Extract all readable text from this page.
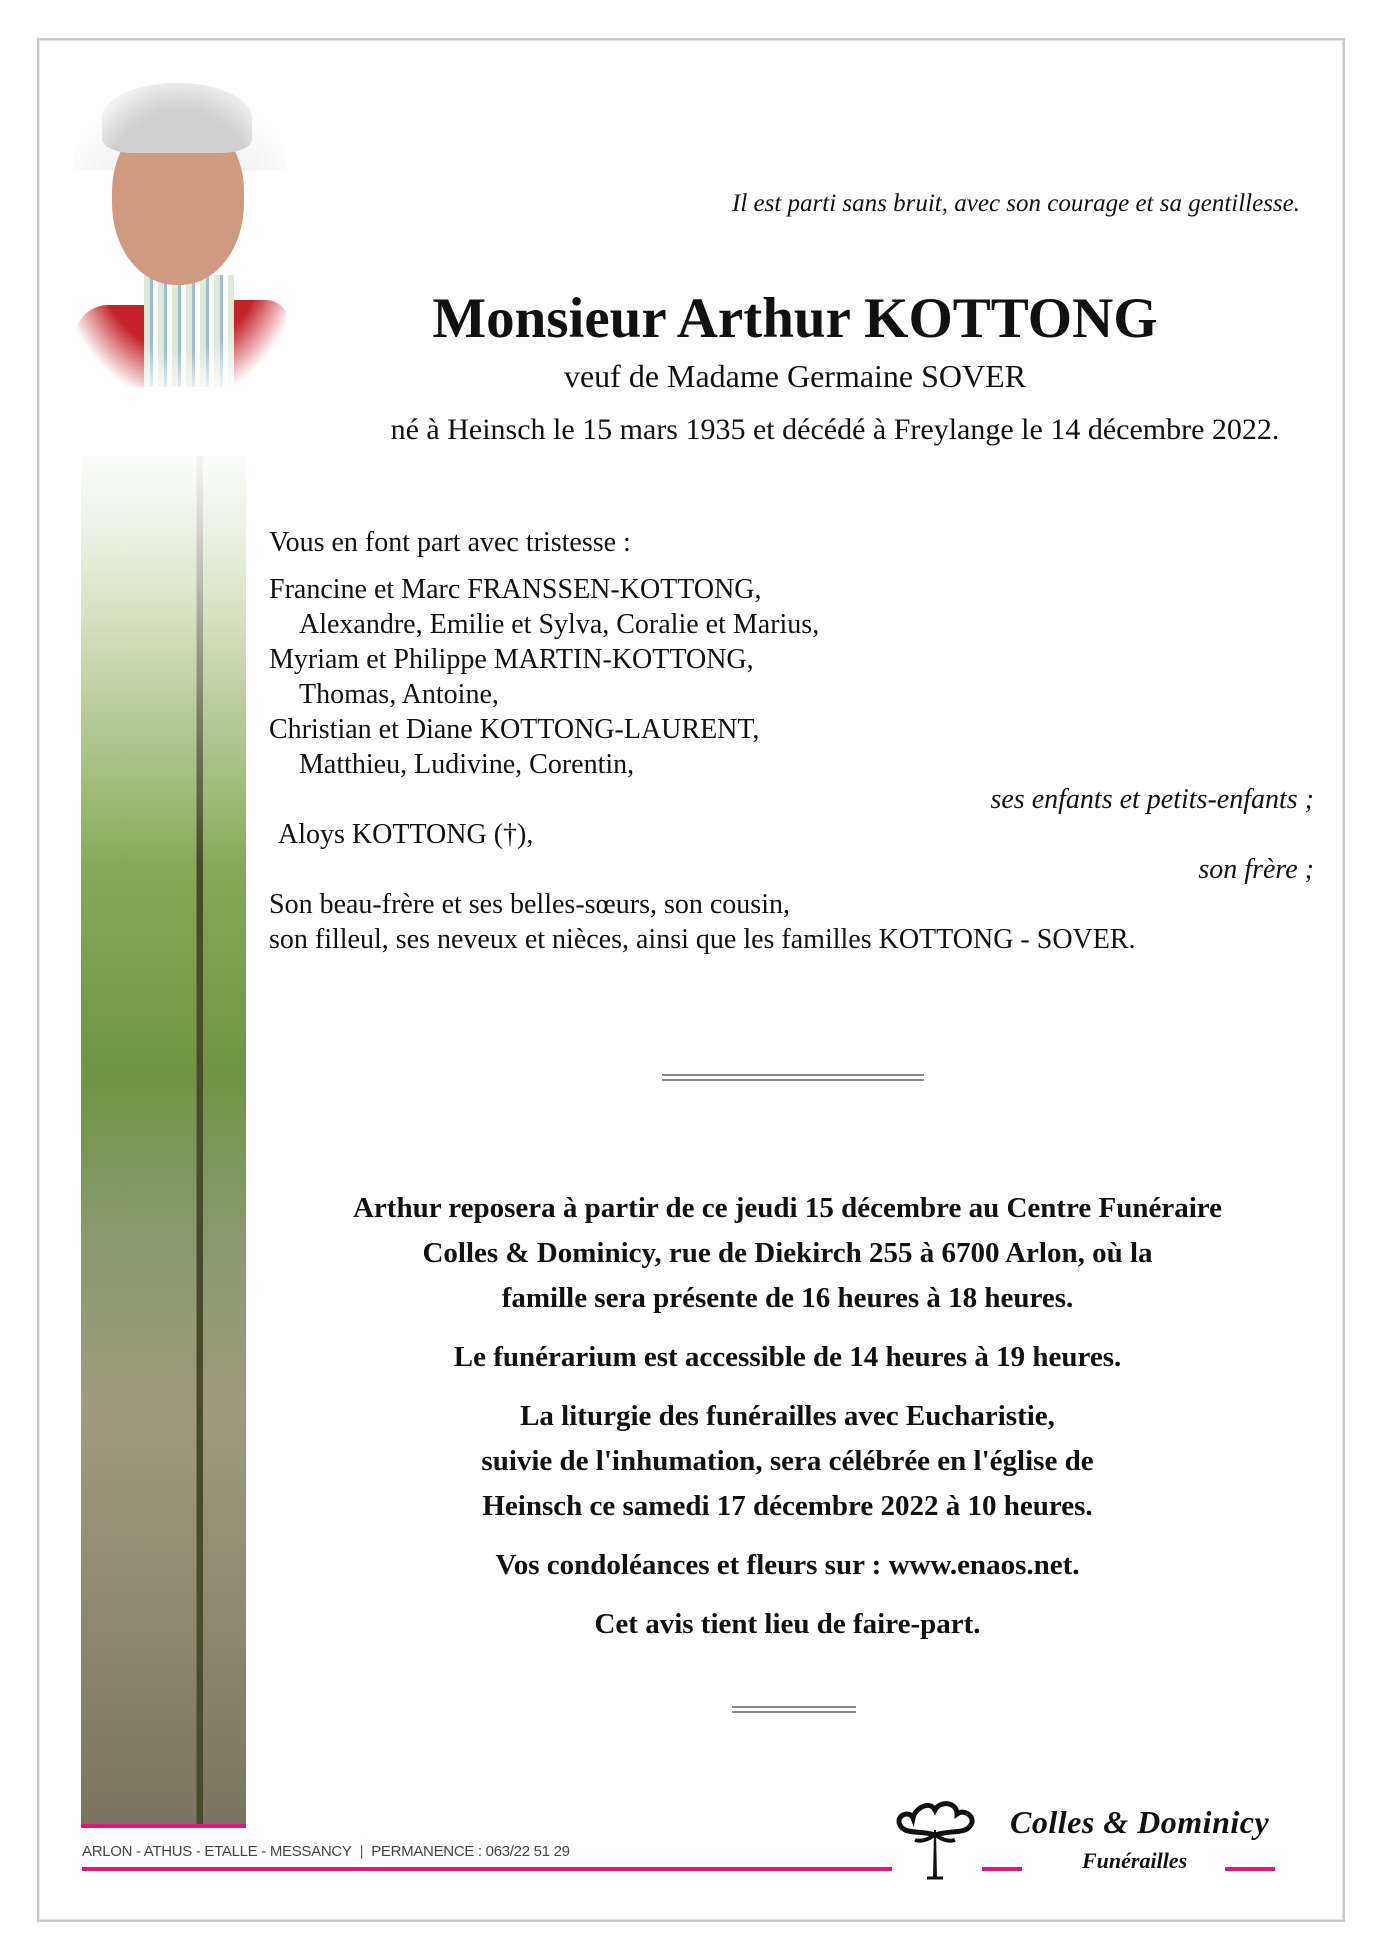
Il est parti sans bruit, avec son courage et sa gentillesse.
Monsieur Arthur KOTTONG
veuf de Madame Germaine SOVER
né à Heinsch le 15 mars 1935 et décédé à Freylange le 14 décembre 2022.
Vous en font part avec tristesse :
Francine et Marc FRANSSEN-KOTTONG,
Alexandre, Emilie et Sylva, Coralie et Marius,
Myriam et Philippe MARTIN-KOTTONG,
Thomas, Antoine,
Christian et Diane KOTTONG-LAURENT,
Matthieu, Ludivine, Corentin,
ses enfants et petits-enfants ;
Aloys KOTTONG (†),
son frère ;
Son beau-frère et ses belles-sœurs, son cousin,
son filleul, ses neveux et nièces, ainsi que les familles KOTTONG - SOVER.

Arthur reposera à partir de ce jeudi 15 décembre au Centre Funéraire
Colles & Dominicy, rue de Diekirch 255 à 6700 Arlon, où la
famille sera présente de 16 heures à 18 heures.

Le funérarium est accessible de 14 heures à 19 heures.

La liturgie des funérailles avec Eucharistie,
suivie de l'inhumation, sera célébrée en l'église de
Heinsch ce samedi 17 décembre 2022 à 10 heures.

Vos condoléances et fleurs sur : www.enaos.net.

Cet avis tient lieu de faire-part.

ARLON - ATHUS - ETALLE - MESSANCY | PERMANENCE : 063/22 51 29
Colles & Dominicy
Funérailles
